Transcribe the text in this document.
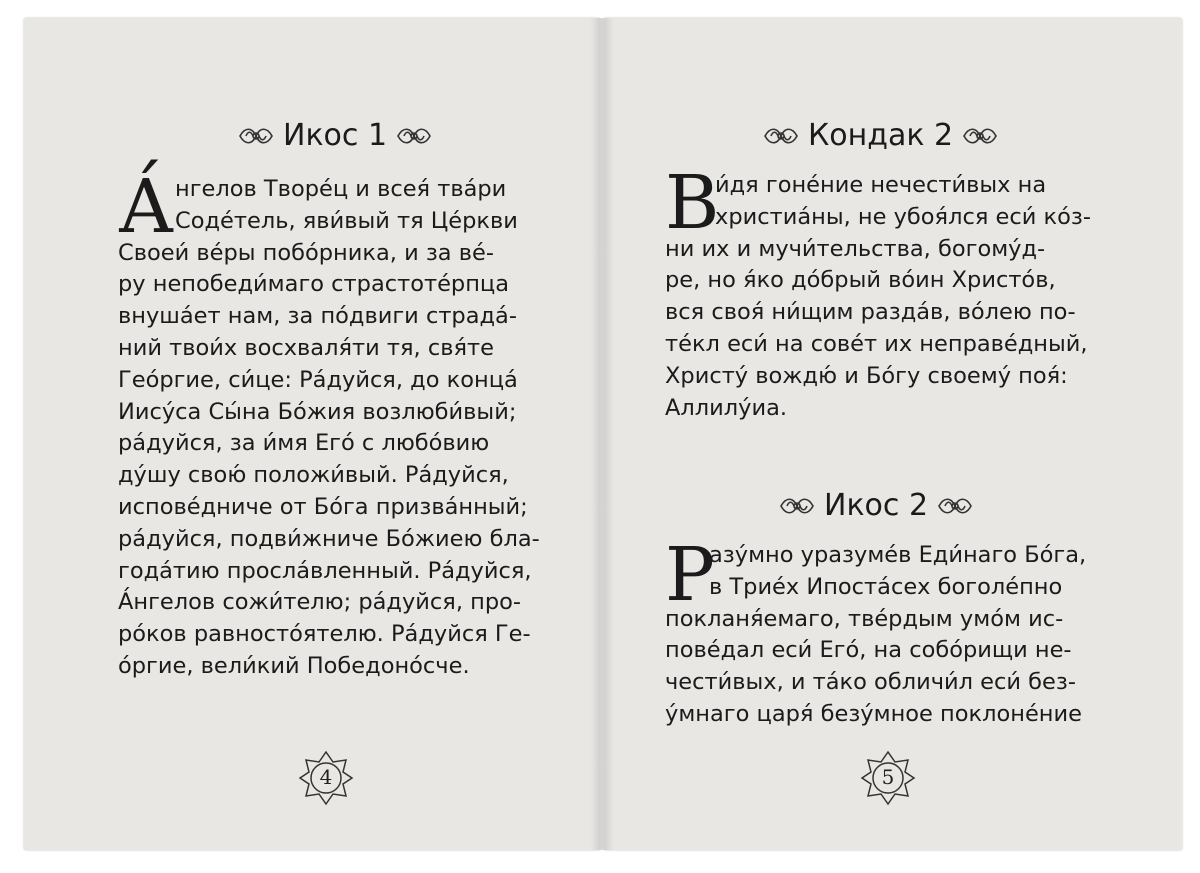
Икос 1
А́ нгелов Творе́ц и всея́ тва́ри
Соде́тель, яви́вый тя Це́ркви
Своеи́ ве́ры побо́рника, и за ве́-
ру непобеди́маго страстоте́рпца
внуша́ет нам, за по́двиги страда́-
ний твои́х восхваля́ти тя, свя́те
Гео́ргие, си́це: Ра́дуйся, до конца́
Иису́са Сы́на Бо́жия возлюби́вый;
ра́дуйся, за и́мя Его́ с любо́вию
ду́шу свою́ положи́вый. Ра́дуйся,
испове́дниче от Бо́га призва́нный;
ра́дуйся, подви́жниче Бо́жиею бла-
года́тию просла́вленный. Ра́дуйся,
А́нгелов сожи́телю; ра́дуйся, про-
ро́ков равносто́ятелю. Ра́дуйся Ге-
о́ргие, вели́кий Победоно́сче.
4

Кондак 2
В
и́дя гоне́ние нечести́вых на
христиа́ны, не убоя́лся еси́ ко́з-
ни их и мучи́тельства, богому́д-
ре, но я́ко до́брый во́ин Христо́в,
вся своя́ ни́щим разда́в, во́лею по-
те́кл еси́ на сове́т их неправе́дный,
Христу́ вождю́ и Бо́гу своему́ поя́:
Аллилу́иа.
Икос 2
Р
азу́мно уразуме́в Еди́наго Бо́га,
в Трие́х Ипоста́сех боголе́пно
покланя́емаго, тве́рдым умо́м ис-
пове́дал еси́ Его́, на собо́рищи не-
чести́вых, и та́ко обличи́л еси́ без-
у́мнаго царя́ безу́мное поклоне́ние
5
